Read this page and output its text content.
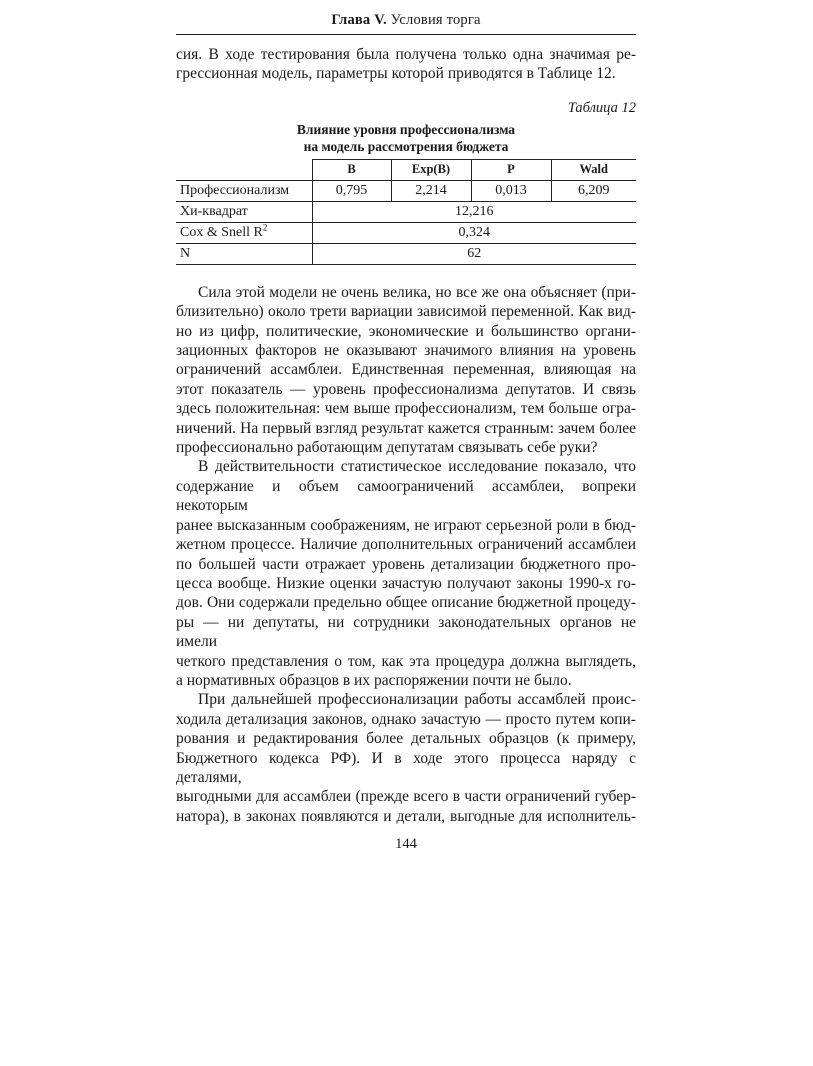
Глава V. Условия торга

сия. В ходе тестирования была получена только одна значимая ре-

грессионная модель, параметры которой приводятся в Таблице 12.

Таблица 12
Влияние уровня профессионализма
на модель рассмотрения бюджета
	B	Exp(B)	P	Wald
Профессионализм	0,795	2,214	0,013	6,209
Хи-квадрат	12,216			
Cox & Snell $R^2$	0,324			
N	62			

Сила этой модели не очень велика, но все же она объясняет (при-

близительно) около трети вариации зависимой переменной. Как вид-

но из цифр, политические, экономические и большинство органи-

зационных факторов не оказывают значимого влияния на уровень

ограничений ассамблеи. Единственная переменная, влияющая на

этот показатель — уровень профессионализма депутатов. И связь

здесь положительная: чем выше профессионализм, тем больше огра-

ничений. На первый взгляд результат кажется странным: зачем более

профессионально работающим депутатам связывать себе руки?

В действительности статистическое исследование показало, что

содержание и объем самоограничений ассамблеи, вопреки некоторым

ранее высказанным соображениям, не играют серьезной роли в бюд-

жетном процессе. Наличие дополнительных ограничений ассамблеи

по большей части отражает уровень детализации бюджетного про-

цесса вообще. Низкие оценки зачастую получают законы 1990-х го-

дов. Они содержали предельно общее описание бюджетной процеду-

ры — ни депутаты, ни сотрудники законодательных органов не имели

четкого представления о том, как эта процедура должна выглядеть,

а нормативных образцов в их распоряжении почти не было.

При дальнейшей профессионализации работы ассамблей проис-

ходила детализация законов, однако зачастую — просто путем копи-

рования и редактирования более детальных образцов (к примеру,

Бюджетного кодекса РФ). И в ходе этого процесса наряду с деталями,

выгодными для ассамблеи (прежде всего в части ограничений губер-

натора), в законах появляются и детали, выгодные для исполнитель-

144
